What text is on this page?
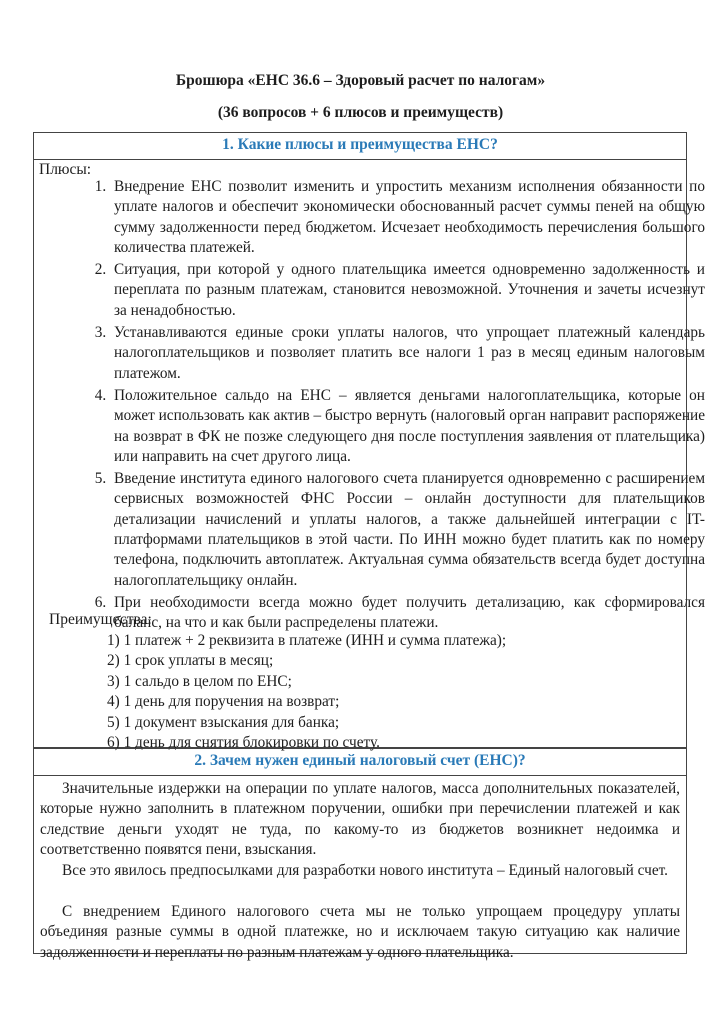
Брошюра «ЕНС 36.6 – Здоровый расчет по налогам»
(36 вопросов + 6 плюсов и преимуществ)
1. Какие плюсы и преимущества ЕНС?
Плюсы:
1. Внедрение ЕНС позволит изменить и упростить механизм исполнения обязанности по уплате налогов и обеспечит экономически обоснованный расчет суммы пеней на общую сумму задолженности перед бюджетом. Исчезает необходимость перечисления большого количества платежей.
2. Ситуация, при которой у одного плательщика имеется одновременно задолженность и переплата по разным платежам, становится невозможной. Уточнения и зачеты исчезнут за ненадобностью.
3. Устанавливаются единые сроки уплаты налогов, что упрощает платежный календарь налогоплательщиков и позволяет платить все налоги 1 раз в месяц единым налоговым платежом.
4. Положительное сальдо на ЕНС – является деньгами налогоплательщика, которые он может использовать как актив – быстро вернуть (налоговый орган направит распоряжение на возврат в ФК не позже следующего дня после поступления заявления от плательщика) или направить на счет другого лица.
5. Введение института единого налогового счета планируется одновременно с расширением сервисных возможностей ФНС России – онлайн доступности для плательщиков детализации начислений и уплаты налогов, а также дальнейшей интеграции с IT-платформами плательщиков в этой части. По ИНН можно будет платить как по номеру телефона, подключить автоплатеж. Актуальная сумма обязательств всегда будет доступна налогоплательщику онлайн.
6. При необходимости всегда можно будет получить детализацию, как сформировался баланс, на что и как были распределены платежи.
Преимущества:
1) 1 платеж + 2 реквизита в платеже (ИНН и сумма платежа);
2) 1 срок уплаты в месяц;
3) 1 сальдо в целом по ЕНС;
4) 1 день для поручения на возврат;
5) 1 документ взыскания для банка;
6) 1 день для снятия блокировки по счету.
2. Зачем нужен единый налоговый счет (ЕНС)?

Значительные издержки на операции по уплате налогов, масса дополнительных показателей, которые нужно заполнить в платежном поручении, ошибки при перечислении платежей и как следствие деньги уходят не туда, по какому-то из бюджетов возникнет недоимка и соответственно появятся пени, взыскания.

Все это явилось предпосылками для разработки нового института – Единый налоговый счет.

С внедрением Единого налогового счета мы не только упрощаем процедуру уплаты объединяя разные суммы в одной платежке, но и исключаем такую ситуацию как наличие задолженности и переплаты по разным платежам у одного плательщика.
